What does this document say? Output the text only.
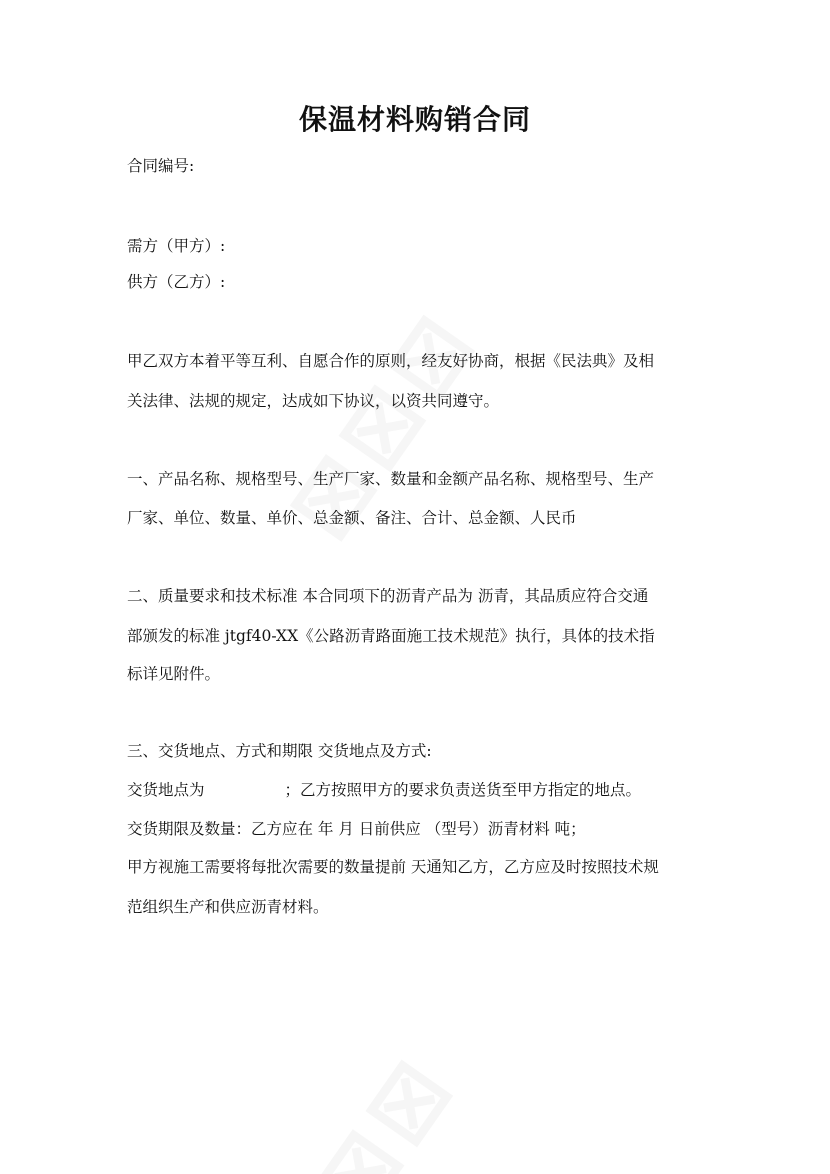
保温材料购销合同

合同编号:

需方（甲方）:

供方（乙方）:

甲乙双方本着平等互利、自愿合作的原则，经友好协商，根据《民法典》及相

关法律、法规的规定，达成如下协议，以资共同遵守。

一、产品名称、规格型号、生产厂家、数量和金额产品名称、规格型号、生产

厂家、单位、数量、单价、总金额、备注、合计、总金额、人民币

二、质量要求和技术标准 本合同项下的沥青产品为 沥青，其品质应符合交通

部颁发的标准 jtgf40-XX《公路沥青路面施工技术规范》执行，具体的技术指

标详见附件。

三、交货地点、方式和期限 交货地点及方式:

交货地点为	；乙方按照甲方的要求负责送货至甲方指定的地点。

交货期限及数量：乙方应在 年 月 日前供应 （型号）沥青材料 吨；

甲方视施工需要将每批次需要的数量提前 天通知乙方，乙方应及时按照技术规

范组织生产和供应沥青材料。
